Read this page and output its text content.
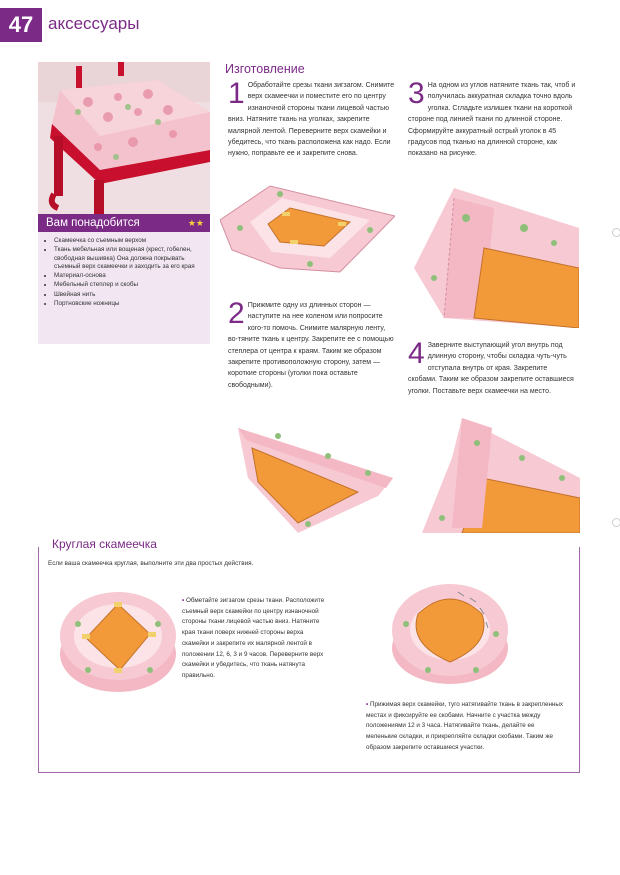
47 аксессуары
Вам понадобится	★★
• Скамеечка со съемным верхом
• Ткань мебельная или вощеная (крест, гобелен, свободная вышивка) Она должна покрывать съемный верх скамеечки и заходить за его края
• Материал-основа
• Мебельный степлер и скобы
• Швейная нить
• Портновские ножницы
Изготовление
1 Обработайте срезы ткани зигзагом. Снимите верх скамеечки и поместите его по центру изнаночной стороны ткани лицевой частью вниз. Натяните ткань на уголках, закрепите малярной лентой. Переверните верх скамейки и убедитесь, что ткань расположена как надо. Если нужно, поправьте ее и закрепите снова.
3 На одном из углов натяните ткань так, чтоб и получилась аккуратная складка точно вдоль уголка. Сгладьте излишек ткани на короткой стороне под линией ткани по длинной стороне. Сформируйте аккуратный острый уголок в 45 градусов под тканью на длинной стороне, как показано на рисунке.
2 Прижмите одну из длинных сторон — наступите на нее коленом или попросите кого-то помочь. Снимите малярную ленту, во-тяните ткань к центру. Закрепите ее с помощью степлера от центра к краям. Таким же образом закрепите противоположную сторону, затем — короткие стороны (уголки пока оставьте свободными).
4 Заверните выступающий угол внутрь под длинную сторону, чтобы складка чуть-чуть отступала внутрь от края. Закрепите скобами. Таким же образом закрепите оставшиеся уголки. Поставьте верх скамеечки на место.
Круглая скамеечка
Если ваша скамеечка круглая, выполните эти два простых действия.
• Обметайте зигзагом срезы ткани. Расположите съемный верх скамейки по центру изнаночной стороны ткани лицевой частью вниз. Натяните края ткани поверх нижней стороны верха скамейки и закрепите их малярной лентой в положении 12, 6, 3 и 9 часов. Переверните верх скамейки и убедитесь, что ткань натянута правильно.
• Прижимая верх скамейки, туго натягивайте ткань в закрепленных местах и фиксируйте ее скобами. Начните с участка между положениями 12 и 3 часа. Натягивайте ткань, делайте ее меленькие складки, и прикрепляйте складки скобами. Таким же образом закрепите оставшиеся участки.
